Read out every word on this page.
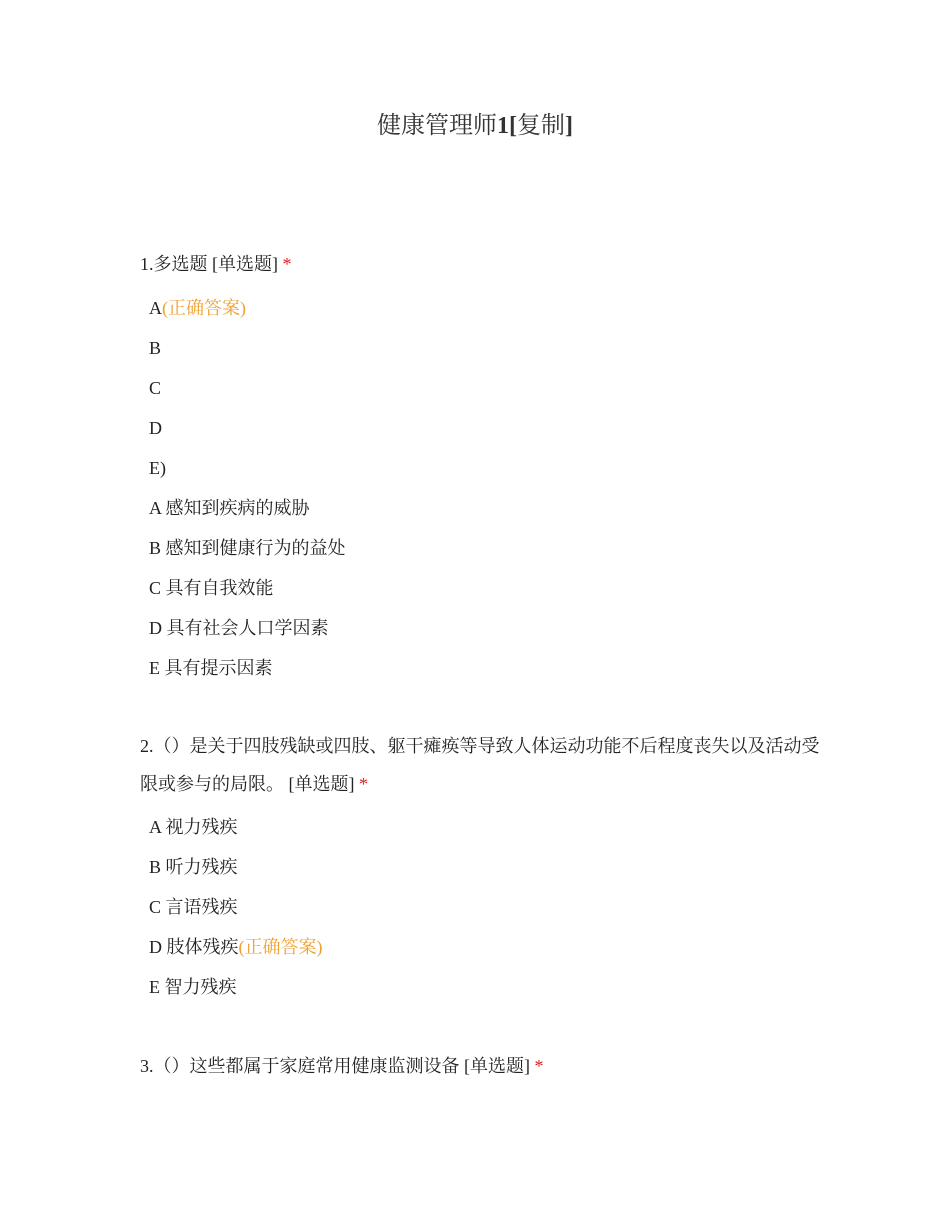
健康管理师1[复制]

1.多选题 [单选题] *

A(正确答案)
B
C
D
E)
A 感知到疾病的威胁
B 感知到健康行为的益处
C 具有自我效能
D 具有社会人口学因素
E 具有提示因素

2.（）是关于四肢残缺或四肢、躯干瘫痪等导致人体运动功能不后程度丧失以及活动受限或参与的局限。 [单选题] *

A 视力残疾
B 听力残疾
C 言语残疾
D 肢体残疾(正确答案)
E 智力残疾

3.（）这些都属于家庭常用健康监测设备 [单选题] *
